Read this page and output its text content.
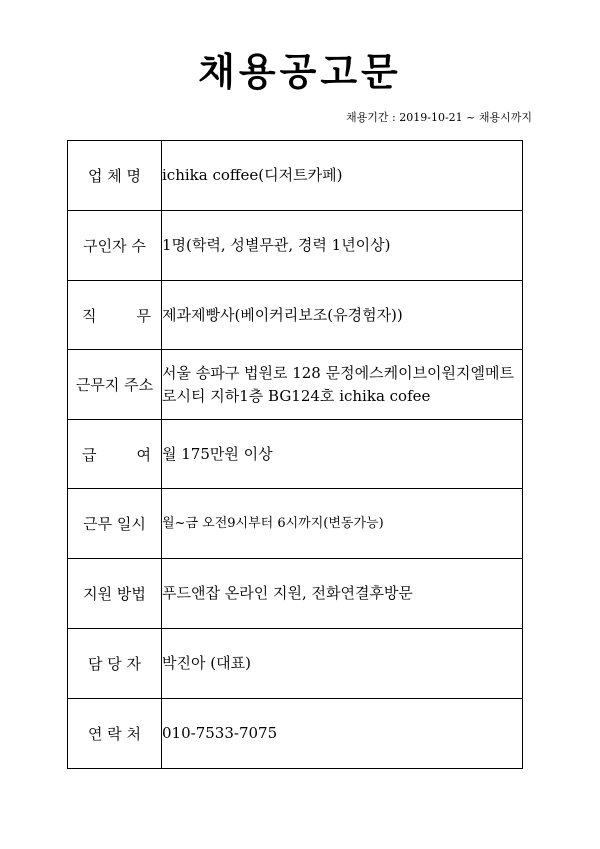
채용공고문
채용기간 : 2019-10-21 ~ 채용시까지
업 체 명	ichika coffee(디저트카페)
구인자 수	1명(학력, 성별무관, 경력 1년이상)
직 무	제과제빵사(베이커리보조(유경험자))
근무지 주소	서울 송파구 법원로 128 문정에스케이브이원지엘메트로시티 지하1층 BG124호 ichika cofee
급 여	월 175만원 이상
근무 일시	월~금 오전9시부터 6시까지(변동가능)
지원 방법	푸드앤잡 온라인 지원, 전화연결후방문
담 당 자	박진아 (대표)
연 락 처	010-7533-7075
